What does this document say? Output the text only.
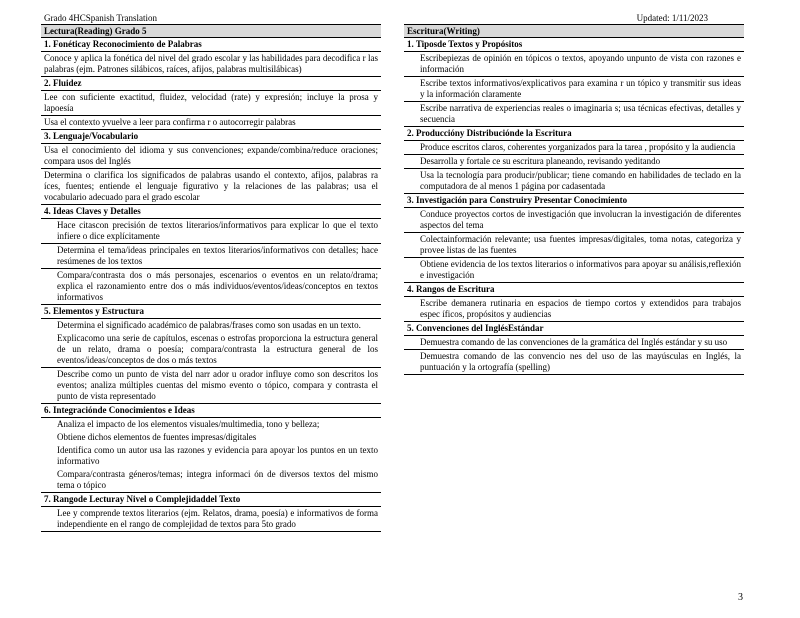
Grado 4HCSpanish Translation	Updated: 1/11/2023
Lectura(Reading) Grado 5
1. Fonéticay Reconocimiento de Palabras
Conoce y aplica la fonética del nivel del grado escolar y las habilidades para decodifica r las palabras (ejm. Patrones silábicos, raíces, afijos, palabras multisilábicas)
2. Fluidez
Lee con suficiente exactitud, fluidez, velocidad (rate) y expresión; incluye la prosa y lapoesía
Usa el contexto yvuelve a leer para confirma r o autocorregir palabras
3. Lenguaje/Vocabulario
Usa el conocimiento del idioma y sus convenciones; expande/combina/reduce oraciones; compara usos del Inglés
Determina o clarifica los significados de palabras usando el contexto, afijos, palabras ra íces, fuentes; entiende el lenguaje figurativo y la relaciones de las palabras; usa el vocabulario adecuado para el grado escolar
4. Ideas Claves y Detalles
Hace citascon precisión de textos literarios/informativos para explicar lo que el texto infiere o dice explícitamente
Determina el tema/ideas principales en textos literarios/informativos con detalles; hace resúmenes de los textos
Compara/contrasta dos o más personajes, escenarios o eventos en un relato/drama; explica el razonamiento entre dos o más individuos/eventos/ideas/conceptos en textos informativos
5. Elementos y Estructura
Determina el significado académico de palabras/frases como son usadas en un texto.
Explicacomo una serie de capítulos, escenas o estrofas proporciona la estructura general de un relato, drama o poesía; compara/contrasta la estructura general de los eventos/ideas/conceptos de dos o más textos
Describe como un punto de vista del narr ador u orador influye como son descritos los eventos; analiza múltiples cuentas del mismo evento o tópico, compara y contrasta el punto de vista representado
6. Integraciónde Conocimientos e Ideas
Analiza el impacto de los elementos visuales/multimedia, tono y belleza;
Obtiene dichos elementos de fuentes impresas/digitales
Identifica como un autor usa las razones y evidencia para apoyar los puntos en un texto informativo
Compara/contrasta géneros/temas; integra informaci ón de diversos textos del mismo tema o tópico
7. Rangode Lecturay Nivel o Complejidaddel Texto
Lee y comprende textos literarios (ejm. Relatos, drama, poesía) e informativos de forma independiente en el rango de complejidad de textos para 5to grado
Escritura(Writing)
1. Tiposde Textos y Propósitos
Escribepiezas de opinión en tópicos o textos, apoyando unpunto de vista con razones e información
Escribe textos informativos/explicativos para examina r un tópico y transmitir sus ideas y la información claramente
Escribe narrativa de experiencias reales o imaginaria s; usa técnicas efectivas, detalles y secuencia
2. Produccióny Distribuciónde la Escritura
Produce escritos claros, coherentes yorganizados para la tarea , propósito y la audiencia
Desarrolla y fortale ce su escritura planeando, revisando yeditando
Usa la tecnología para producir/publicar; tiene comando en habilidades de teclado en la computadora de al menos 1 página por cadasentada
3. Investigación para Construiry Presentar Conocimiento
Conduce proyectos cortos de investigación que involucran la investigación de diferentes aspectos del tema
Colectainformación relevante; usa fuentes impresas/digitales, toma notas, categoriza y provee listas de las fuentes
Obtiene evidencia de los textos literarios o informativos para apoyar su análisis,reflexión e investigación
4. Rangos de Escritura
Escribe demanera rutinaria en espacios de tiempo cortos y extendidos para trabajos espec íficos, propósitos y audiencias
5. Convenciones del InglésEstándar
Demuestra comando de las convenciones de la gramática del Inglés estándar y su uso
Demuestra comando de las convencio nes del uso de las mayúsculas en Inglés, la puntuación y la ortografía (spelling)
3
